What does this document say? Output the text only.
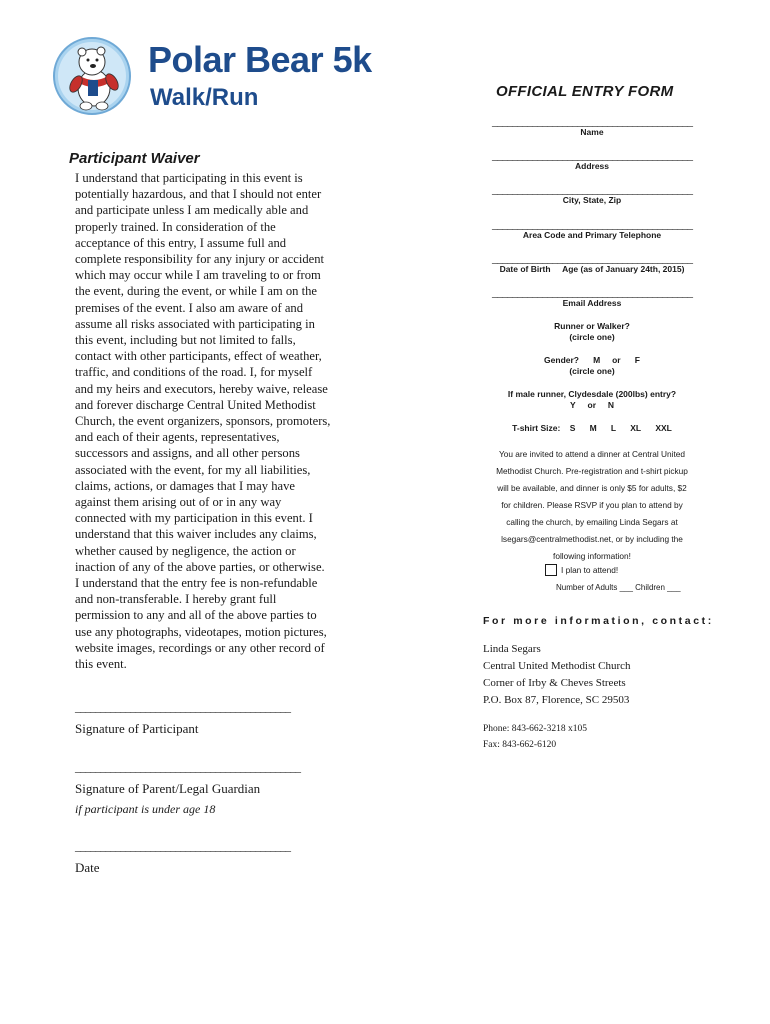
Polar Bear 5k
Walk/Run	OFFICIAL ENTRY FORM
Participant Waiver

I understand that participating in this event is
potentially hazardous, and that I should not enter
and participate unless I am medically able and
properly trained. In consideration of the
acceptance of this entry, I assume full and
complete responsibility for any injury or accident
which may occur while I am traveling to or from
the event, during the event, or while I am on the
premises of the event. I also am aware of and
assume all risks associated with participating in
this event, including but not limited to falls,
contact with other participants, effect of weather,
traffic, and conditions of the road. I, for myself
and my heirs and executors, hereby waive, release
and forever discharge Central United Methodist
Church, the event organizers, sponsors, promoters,
and each of their agents, representatives,
successors and assigns, and all other persons
associated with the event, for my all liabilities,
claims, actions, or damages that I may have
against them arising out of or in any way
connected with my participation in this event. I
understand that this waiver includes any claims,
whether caused by negligence, the action or
inaction of any of the above parties, or otherwise.
I understand that the entry fee is non-refundable
and non-transferable. I hereby grant full
permission to any and all of the above parties to
use any photographs, videotapes, motion pictures,
website images, recordings or any other record of
this event.

___________________________________________
Signature of Participant
_____________________________________________
Signature of Parent/Legal Guardian
if participant is under age 18
___________________________________________
Date
________________________________________
Name
________________________________________
Address
________________________________________
City, State, Zip
________________________________________
Area Code and Primary Telephone
________________________________________
Date of Birth Age (as of January 24th, 2015)
________________________________________
Email Address
Runner or Walker?
(circle one)
Gender? M or F
(circle one)
If male runner, Clydesdale (200lbs) entry?
Y or N
T-shirt Size: S M L XL XXL
You are invited to attend a dinner at Central United
Methodist Church. Pre-registration and t-shirt pickup
will be available, and dinner is only $5 for adults, $2
for children. Please RSVP if you plan to attend by
calling the church, by emailing Linda Segars at
lsegars@centralmethodist.net, or by including the
following information!
I plan to attend!
Number of Adults ___ Children ___
For more information, contact:
Linda Segars
Central United Methodist Church
Corner of Irby & Cheves Streets
P.O. Box 87, Florence, SC 29503
Phone: 843-662-3218 x105
Fax: 843-662-6120
